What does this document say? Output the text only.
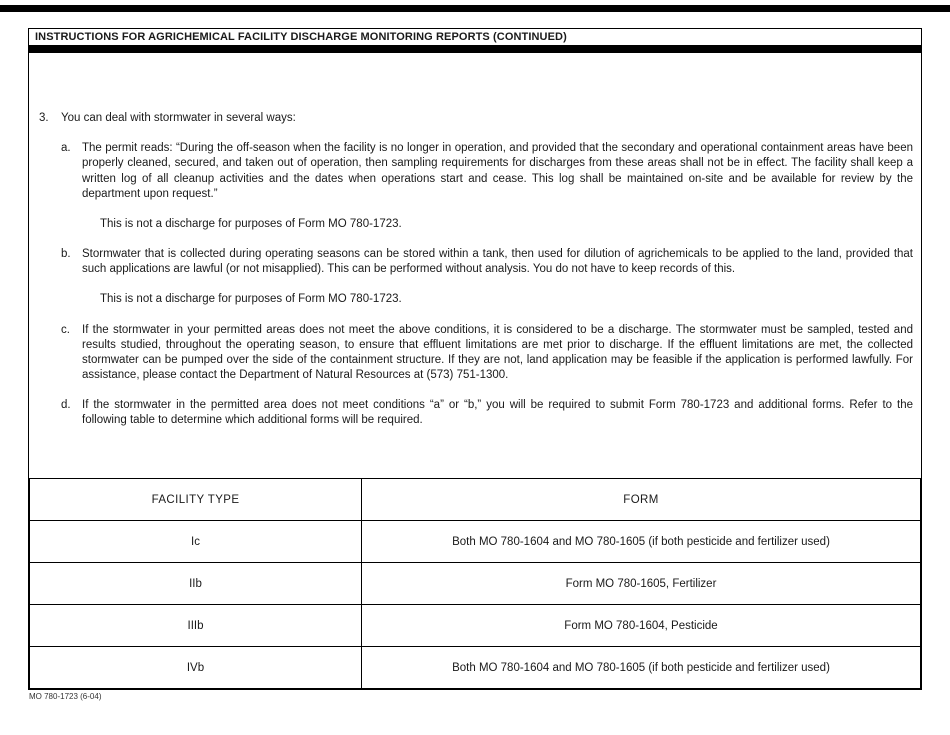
INSTRUCTIONS FOR AGRICHEMICAL FACILITY DISCHARGE MONITORING REPORTS (CONTINUED)
3.	You can deal with stormwater in several ways:
a. The permit reads: “During the off-season when the facility is no longer in operation, and provided that the secondary and operational containment areas have been properly cleaned, secured, and taken out of operation, then sampling requirements for discharges from these areas shall not be in effect. The facility shall keep a written log of all cleanup activities and the dates when operations start and cease. This log shall be maintained on-site and be available for review by the department upon request.”
This is not a discharge for purposes of Form MO 780-1723.
b. Stormwater that is collected during operating seasons can be stored within a tank, then used for dilution of agrichemicals to be applied to the land, provided that such applications are lawful (or not misapplied). This can be performed without analysis. You do not have to keep records of this.
This is not a discharge for purposes of Form MO 780-1723.
c.	If the stormwater in your permitted areas does not meet the above conditions, it is considered to be a discharge. The stormwater must be sampled, tested and results studied, throughout the operating season, to ensure that effluent limitations are met prior to discharge. If the effluent limitations are met, the collected stormwater can be pumped over the side of the containment structure. If they are not, land application may be feasible if the application is performed lawfully. For assistance, please contact the Department of Natural Resources at (573) 751-1300.
d. If the stormwater in the permitted area does not meet conditions “a” or “b,” you will be required to submit Form 780-1723 and additional forms. Refer to the following table to determine which additional forms will be required.
FACILITY TYPE	FORM
Ic	Both MO 780-1604 and MO 780-1605 (if both pesticide and fertilizer used)
IIb	Form MO 780-1605, Fertilizer
IIIb	Form MO 780-1604, Pesticide
IVb	Both MO 780-1604 and MO 780-1605 (if both pesticide and fertilizer used)
MO 780-1723 (6-04)
